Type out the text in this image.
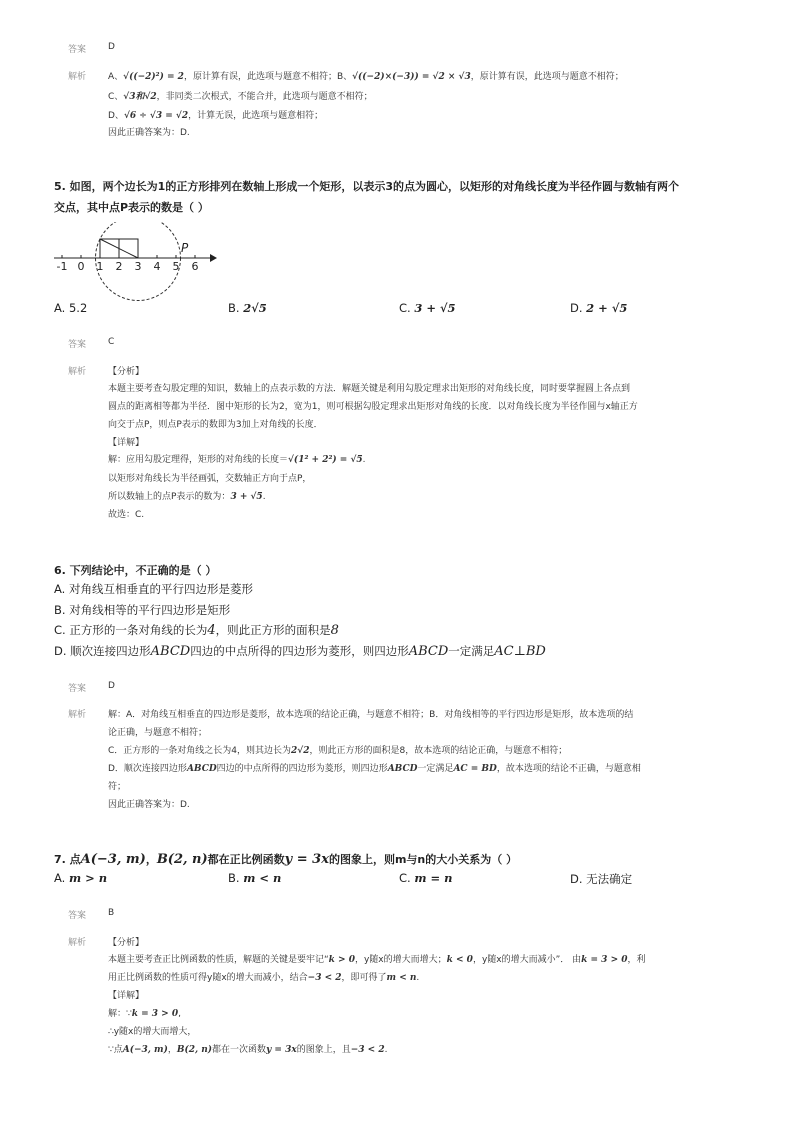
答案 D
解析 A、√((−2)²) = 2，原计算有误，此选项与题意不相符；B、√((−2)×(−3)) = √2 × √3，原计算有误，此选项与题意不相符；
C、√3和√2，非同类二次根式，不能合并，此选项与题意不相符；
D、√6 ÷ √3 = √2，计算无误，此选项与题意相符；
因此正确答案为：D.
5. 如图，两个边长为1的正方形排列在数轴上形成一个矩形，以表示3的点为圆心，以矩形的对角线长度为半径作圆与数轴有两个
交点，其中点P表示的数是（ ）
-1 0 1 2 3 4 5 6
P
A. 5.2	B. 2√5	C. 3 + √5	D. 2 + √5
答案 C
解析 【分析】
本题主要考查勾股定理的知识，数轴上的点表示数的方法．解题关键是利用勾股定理求出矩形的对角线长度，同时要掌握圆上各点到
圆点的距离相等都为半径．图中矩形的长为2，宽为1，则可根据勾股定理求出矩形对角线的长度．以对角线长度为半径作圆与x轴正方
向交于点P，则点P表示的数即为3加上对角线的长度．
【详解】
解：应用勾股定理得，矩形的对角线的长度＝√(1² + 2²) = √5.
以矩形对角线长为半径画弧，交数轴正方向于点P，
所以数轴上的点P表示的数为：3 + √5.
故选：C.
6. 下列结论中，不正确的是（ ）
A. 对角线互相垂直的平行四边形是菱形
B. 对角线相等的平行四边形是矩形
C. 正方形的一条对角线的长为4，则此正方形的面积是8
D. 顺次连接四边形ABCD四边的中点所得的四边形为菱形，则四边形ABCD一定满足AC⊥BD
答案 D
解析 解：A．对角线互相垂直的四边形是菱形，故本选项的结论正确，与题意不相符；B．对角线相等的平行四边形是矩形，故本选项的结
论正确，与题意不相符；
C．正方形的一条对角线之长为4，则其边长为2√2，则此正方形的面积是8，故本选项的结论正确，与题意不相符；
D．顺次连接四边形ABCD四边的中点所得的四边形为菱形，则四边形ABCD一定满足AC = BD，故本选项的结论不正确，与题意相
符；
因此正确答案为：D.
7. 点A(−3, m)，B(2, n)都在正比例函数y = 3x的图象上，则m与n的大小关系为（ ）
A. m > n	B. m < n	C. m = n	D. 无法确定
答案 B
解析 【分析】
本题主要考查正比例函数的性质，解题的关键是要牢记“k > 0，y随x的增大而增大；k < 0，y随x的增大而减小”． 由k = 3 > 0，利
用正比例函数的性质可得y随x的增大而减小，结合−3 < 2，即可得了m < n.
【详解】
解：∵k = 3 > 0,
∴y随x的增大而增大，
∵点A(−3, m)，B(2, n)都在一次函数y = 3x的图象上，且−3 < 2.
